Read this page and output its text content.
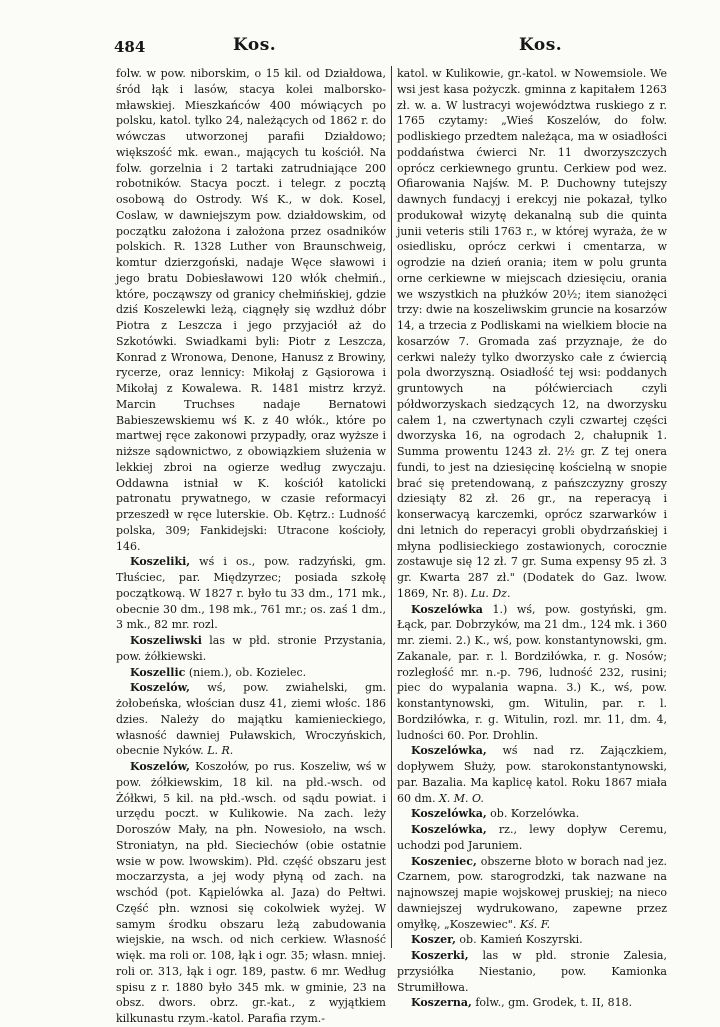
484	Kos.	Kos.

folw. w pow. niborskim, o 15 kil. od Działdowa, śród łąk i lasów, stacya kolei malborsko-mławskiej. Mieszkańców 400 mówiących po polsku, katol. tylko 24, należących od 1862 r. do wówczas utworzonej parafii Działdowo; większość mk. ewan., mających tu kościół. Na folw. gorzelnia i 2 tartaki zatrudniające 200 robotników. Stacya poczt. i telegr. z pocztą osobową do Ostrody. Wś K., w dok. Kosel, Coslaw, w dawniejszym pow. działdowskim, od początku założona i założona przez osadników polskich. R. 1328 Luther von Braunschweig, komtur dzierzgoński, nadaje Węce sławowi i jego bratu Dobiesławowi 120 włók chełmiń., które, począwszy od granicy chełmińskiej, gdzie dziś Koszelewki leżą, ciągnęły się wzdłuż dóbr Piotra z Leszcza i jego przyjaciół aż do Szkotówki. Swiadkami byli: Piotr z Leszcza, Konrad z Wronowa, Denone, Hanusz z Browiny, rycerze, oraz lennicy: Mikołaj z Gąsiorowa i Mikołaj z Kowalewa. R. 1481 mistrz krzyż. Marcin Truchses nadaje Bernatowi Babieszewskiemu wś K. z 40 włók., które po martwej ręce zakonowi przypadły, oraz wyższe i niższe sądownictwo, z obowiązkiem służenia w lekkiej zbroi na ogierze według zwyczaju. Oddawna istniał w K. kościół katolicki patronatu prywatnego, w czasie reformacyi przeszedł w ręce luterskie. Ob. Kętrz.: Ludność polska, 309; Fankidejski: Utracone kościoły, 146.

Koszeliki, wś i os., pow. radzyński, gm. Tłuściec, par. Międzyrzec; posiada szkołę początkową. W 1827 r. było tu 33 dm., 171 mk., obecnie 30 dm., 198 mk., 761 mr.; os. zaś 1 dm., 3 mk., 82 mr. rozl.

Koszeliwski las w płd. stronie Przystania, pow. żółkiewski.

Koszellic (niem.), ob. Kozielec.

Koszelów, wś, pow. zwiahelski, gm. żołobeńska, włościan dusz 41, ziemi włośc. 186 dzies. Należy do majątku kamienieckiego, własność dawniej Puławskich, Wroczyńskich, obecnie Nyków. L. R.

Koszelów, Koszołów, po rus. Koszeliw, wś w pow. żółkiewskim, 18 kil. na płd.-wsch. od Żółkwi, 5 kil. na płd.-wsch. od sądu powiat. i urzędu poczt. w Kulikowie. Na zach. leży Doroszów Mały, na płn. Nowesioło, na wsch. Stroniatyn, na płd. Sieciechów (obie ostatnie wsie w pow. lwowskim). Płd. część obszaru jest moczarzysta, a jej wody płyną od zach. na wschód (pot. Kąpielówka al. Jaza) do Pełtwi. Część płn. wznosi się cokolwiek wyżej. W samym środku obszaru leżą zabudowania wiejskie, na wsch. od nich cerkiew. Własność więk. ma roli or. 108, łąk i ogr. 35; własn. mniej. roli or. 313, łąk i ogr. 189, pastw. 6 mr. Według spisu z r. 1880 było 345 mk. w gminie, 23 na obsz. dwors. obrz. gr.-kat., z wyjątkiem kilkunastu rzym.-katol. Parafia rzym.-

katol. w Kulikowie, gr.-katol. w Nowemsiole. We wsi jest kasa pożyczk. gminna z kapitałem 1263 zł. w. a. W lustracyi województwa ruskiego z r. 1765 czytamy: „Wieś Koszelów, do folw. podliskiego przedtem należąca, ma w osiadłości poddaństwa ćwierci Nr. 11 dworzyszczych oprócz cerkiewnego gruntu. Cerkiew pod wez. Ofiarowania Najśw. M. P. Duchowny tutejszy dawnych fundacyj i erekcyj nie pokazał, tylko produkował wizytę dekanalną sub die quinta junii veteris stili 1763 r., w której wyraża, że w osiedlisku, oprócz cerkwi i cmentarza, w ogrodzie na dzień orania; item w polu grunta orne cerkiewne w miejscach dziesięciu, orania we wszystkich na płużków 20½; item sianożęci trzy: dwie na koszeliwskim gruncie na kosarzów 14, a trzecia z Podliskami na wielkiem błocie na kosarzów 7. Gromada zaś przyznaje, że do cerkwi należy tylko dworzysko całe z ćwiercią pola dworzyszną. Osiadłość tej wsi: poddanych gruntowych na półćwierciach czyli półdworzyskach siedzących 12, na dworzysku całem 1, na czwertynach czyli czwartej części dworzyska 16, na ogrodach 2, chałupnik 1. Summa prowentu 1243 zł. 2½ gr. Z tej onera fundi, to jest na dziesięcinę kościelną w snopie brać się pretendowaną, z pańszczyzny groszy dziesiąty 82 zł. 26 gr., na reperacyą i konserwacyą karczemki, oprócz szarwarków i dni letnich do reperacyi grobli obydrzańskiej i młyna podlisieckiego zostawionych, corocznie zostawuje się 12 zł. 7 gr. Suma expensy 95 zł. 3 gr. Kwarta 287 zł." (Dodatek do Gaz. lwow. 1869, Nr. 8). Lu. Dz.

Koszelówka 1.) wś, pow. gostyński, gm. Łąck, par. Dobrzyków, ma 21 dm., 124 mk. i 360 mr. ziemi. 2.) K., wś, pow. konstantynowski, gm. Zakanale, par. r. l. Bordziłówka, r. g. Nosów; rozległość mr. n.-p. 796, ludność 232, rusini; piec do wypalania wapna. 3.) K., wś, pow. konstantynowski, gm. Witulin, par. r. l. Bordziłówka, r. g. Witulin, rozl. mr. 11, dm. 4, ludności 60. Por. Drohlin.

Koszelówka, wś nad rz. Zajączkiem, dopływem Służy, pow. starokonstantynowski, par. Bazalia. Ma kaplicę katol. Roku 1867 miała 60 dm. X. M. O.

Koszelówka, ob. Korzelówka.

Koszelówka, rz., lewy dopływ Ceremu, uchodzi pod Jaruniem.

Koszeniec, obszerne błoto w borach nad jez. Czarnem, pow. starogrodzki, tak nazwane na najnowszej mapie wojskowej pruskiej; na nieco dawniejszej wydrukowano, zapewne przez omyłkę, „Koszewiec". Kś. F.

Koszer, ob. Kamień Koszyrski.

Koszerki, las w płd. stronie Zalesia, przysiółka Niestanio, pow. Kamionka Strumiłłowa.

Koszerna, folw., gm. Grodek, t. II, 818.
